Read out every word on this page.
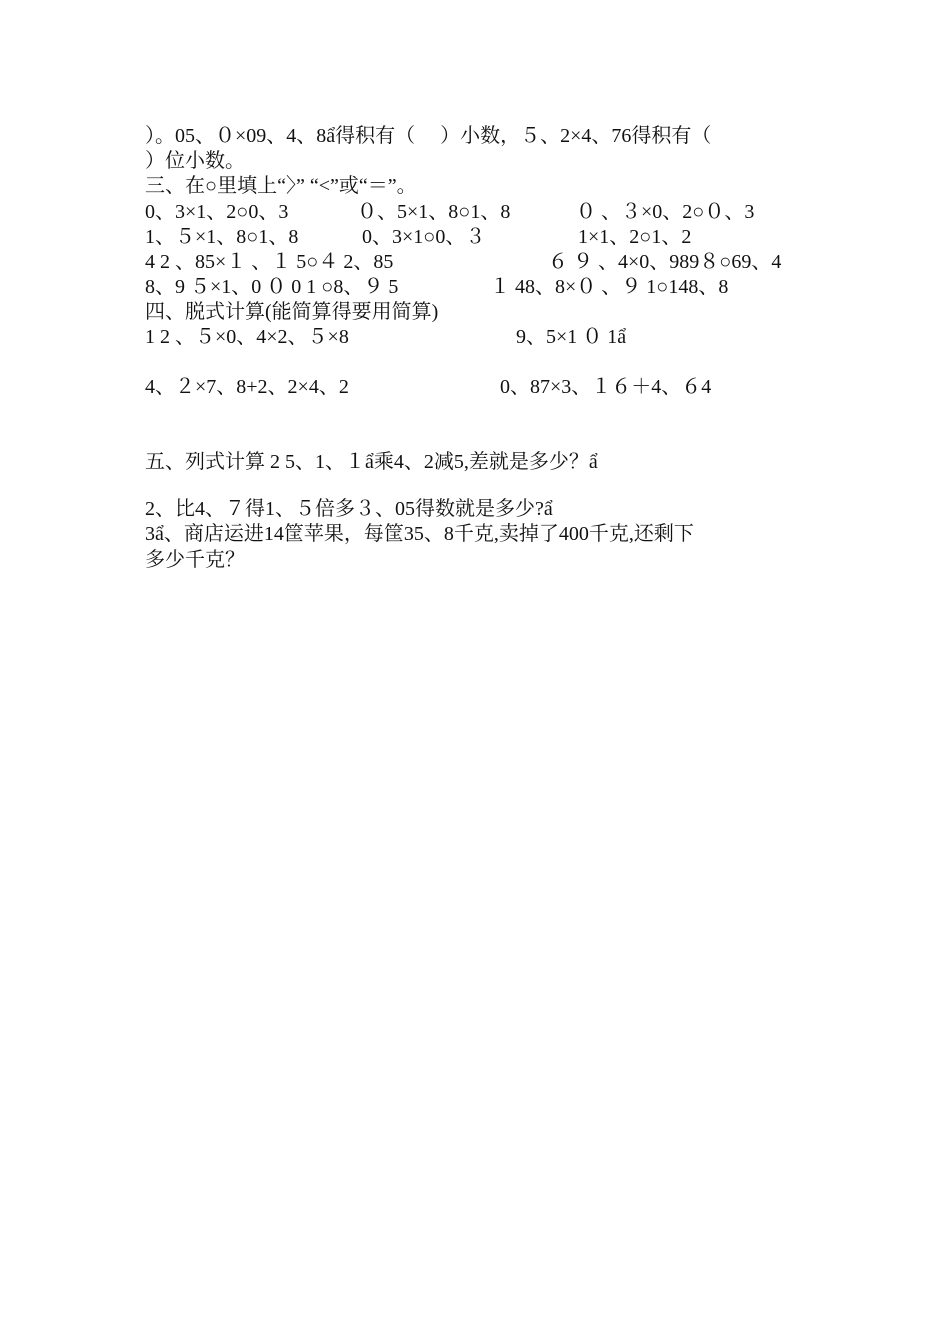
）。05、０×09、4、8ẩ得积有（　 ）小数，５、2×4、76得积有（
）位小数。
三、在○里填上“〉” “<”或“＝”。
0、3×1、2○0、3	０、5×1、8○1、8	０ 、３×0、2○０、3
1、５×1、8○1、8	0、3×1○0、３	1×1、2○1、2
4 2 、85×１ 、１ 5○４ 2、85	６ ９ 、4×0、989８○69、4
8、9 ５×1、0 ０ 0 1 ○8、９ 5	１ 48、8×０ 、９ 1○148、8
四、脱式计算(能简算得要用简算)
1 2 、５×0、4×2、５×8	9、5×1 ０ 1ẩ
4、２×7、8+2、2×4、2	0、87×3、１６＋4、６4
五、列式计算 2 5、1、１ẩ乘4、2减5,差就是多少？ẩ
2、比4、７得1、５倍多３、05得数就是多少?ẩ
3ẩ、商店运进14筐苹果，每筐35、8千克,卖掉了400千克,还剩下
多少千克？
